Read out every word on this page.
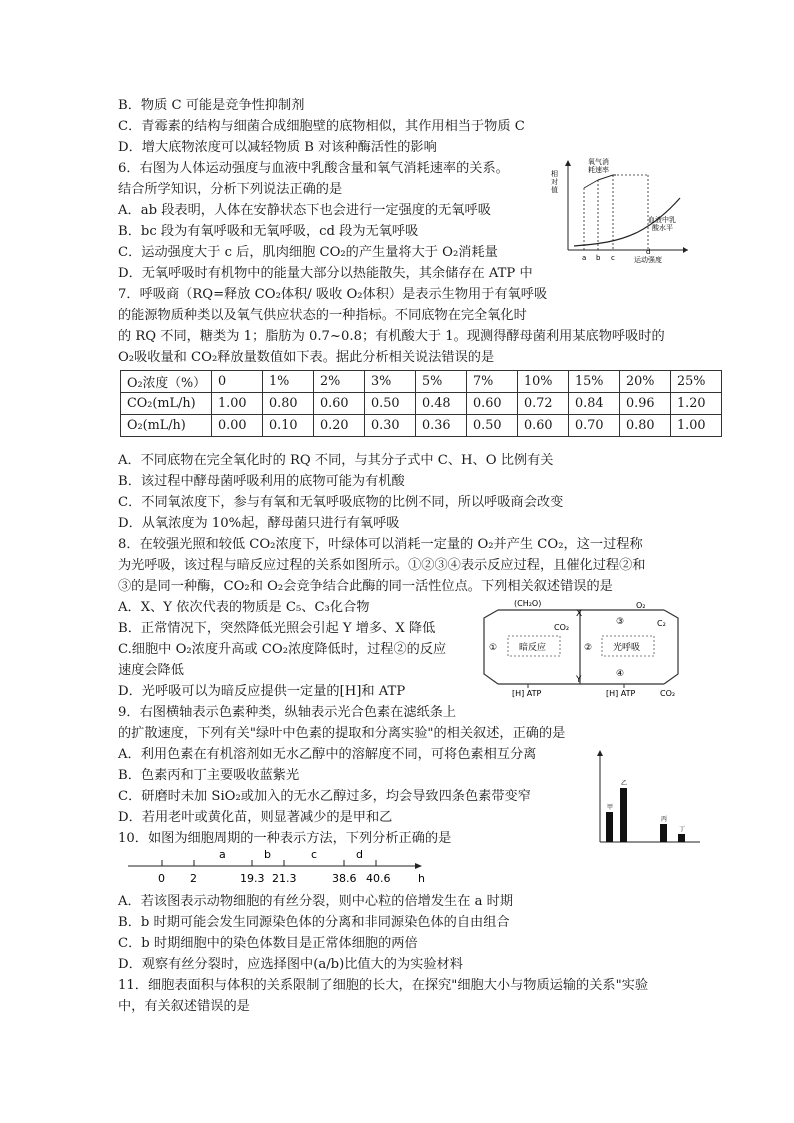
B．物质 C 可能是竞争性抑制剂
C．青霉素的结构与细菌合成细胞壁的底物相似，其作用相当于物质 C
D．增大底物浓度可以减轻物质 B 对该种酶活性的影响
6．右图为人体运动强度与血液中乳酸含量和氧气消耗速率的关系。
结合所学知识，分析下列说法正确的是
A．ab 段表明，人体在安静状态下也会进行一定强度的无氧呼吸
B．bc 段为有氧呼吸和无氧呼吸，cd 段为无氧呼吸
C．运动强度大于 c 后，肌肉细胞 CO₂的产生量将大于 O₂消耗量
D．无氧呼吸时有机物中的能量大部分以热能散失，其余储存在 ATP 中
7．呼吸商（RQ=释放 CO₂体积/ 吸收 O₂体积）是表示生物用于有氧呼吸
的能源物质种类以及氧气供应状态的一种指标。不同底物在完全氧化时
的 RQ 不同，糖类为 1；脂肪为 0.7~0.8；有机酸大于 1。现测得酵母菌利用某底物呼吸时的
O₂吸收量和 CO₂释放量数值如下表。据此分析相关说法错误的是
O₂浓度（%）	0	1%	2%	3%	5%	7%	10%	15%	20%	25%
CO₂(mL/h)	1.00	0.80	0.60	0.50	0.48	0.60	0.72	0.84	0.96	1.20
O₂(mL/h)	0.00	0.10	0.20	0.30	0.36	0.50	0.60	0.70	0.80	1.00
A．不同底物在完全氧化时的 RQ 不同，与其分子式中 C、H、O 比例有关
B．该过程中酵母菌呼吸利用的底物可能为有机酸
C．不同氧浓度下，参与有氧和无氧呼吸底物的比例不同，所以呼吸商会改变
D．从氧浓度为 10%起，酵母菌只进行有氧呼吸
8．在较强光照和较低 CO₂浓度下，叶绿体可以消耗一定量的 O₂并产生 CO₂，这一过程称
为光呼吸，该过程与暗反应过程的关系如图所示。①②③④表示反应过程，且催化过程②和
③的是同一种酶，CO₂和 O₂会竞争结合此酶的同一活性位点。下列相关叙述错误的是
A．X、Y 依次代表的物质是 C₅、C₃化合物
B．正常情况下，突然降低光照会引起 Y 增多、X 降低
C.细胞中 O₂浓度升高或 CO₂浓度降低时，过程②的反应
速度会降低
D．光呼吸可以为暗反应提供一定量的[H]和 ATP
9．右图横轴表示色素种类，纵轴表示光合色素在滤纸条上
的扩散速度，下列有关"绿叶中色素的提取和分离实验"的相关叙述，正确的是
A．利用色素在有机溶剂如无水乙醇中的溶解度不同，可将色素相互分离
B．色素丙和丁主要吸收蓝紫光
C．研磨时未加 SiO₂或加入的无水乙醇过多，均会导致四条色素带变窄
D．若用老叶或黄化苗，则显著减少的是甲和乙
10．如图为细胞周期的一种表示方法，下列分析正确的是
A．若该图表示动物细胞的有丝分裂，则中心粒的倍增发生在 a 时期
B．b 时期可能会发生同源染色体的分离和非同源染色体的自由组合
C．b 时期细胞中的染色体数目是正常体细胞的两倍
D．观察有丝分裂时，应选择图中(a/b)比值大的为实验材料
11．细胞表面积与体积的关系限制了细胞的长大，在探究"细胞大小与物质运输的关系"实验
中，有关叙述错误的是
相对值
氧气消耗速率
血液中乳酸水平
a b c
d
运动强度
暗反应	光呼吸
(CH₂O)
X
Y
O₂
C₂
CO₂
CO₂
①	②
③
④
[H] ATP	[H] ATP
甲
乙
丙
丁
a	b	c	d
0 2	19.3 21.3	38.6 40.6	h
